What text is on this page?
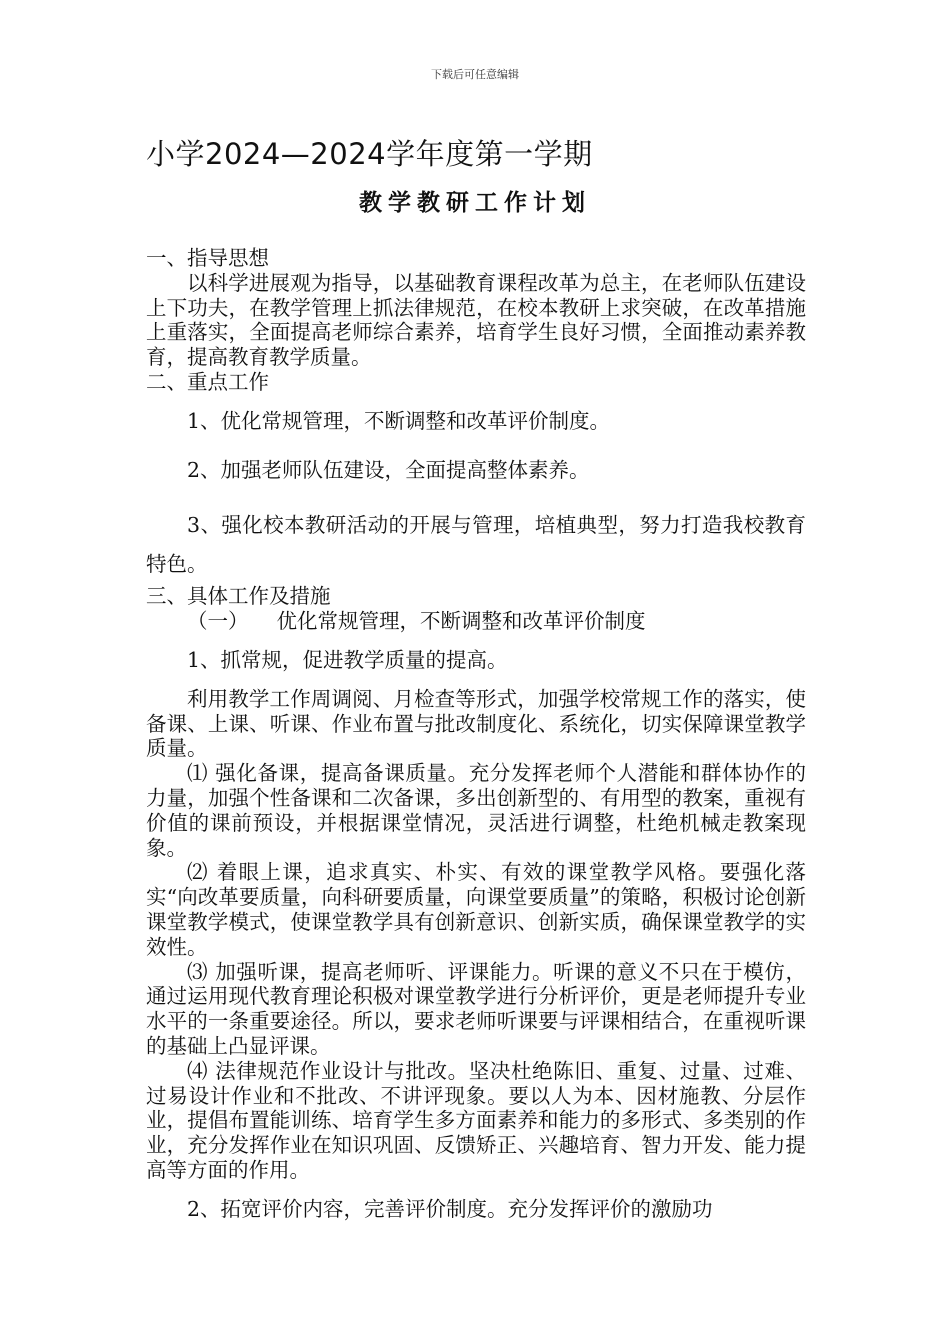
下载后可任意编辑
小学2024—2024学年度第一学期
教学教研工作计划

一、指导思想

以科学进展观为指导，以基础教育课程改革为总主，在老师队伍建设上下功夫，在教学管理上抓法律规范，在校本教研上求突破，在改革措施上重落实，全面提高老师综合素养，培育学生良好习惯，全面推动素养教育，提高教育教学质量。

二、重点工作

1、优化常规管理，不断调整和改革评价制度。

2、加强老师队伍建设，全面提高整体素养。

3、强化校本教研活动的开展与管理，培植典型，努力打造我校教育特色。

三、具体工作及措施

（一） 优化常规管理，不断调整和改革评价制度

1、抓常规，促进教学质量的提高。

利用教学工作周调阅、月检查等形式，加强学校常规工作的落实，使备课、上课、听课、作业布置与批改制度化、系统化，切实保障课堂教学质量。

⑴ 强化备课，提高备课质量。充分发挥老师个人潜能和群体协作的力量，加强个性备课和二次备课，多出创新型的、有用型的教案，重视有价值的课前预设，并根据课堂情况，灵活进行调整，杜绝机械走教案现象。

⑵ 着眼上课，追求真实、朴实、有效的课堂教学风格。要强化落实“向改革要质量，向科研要质量，向课堂要质量”的策略，积极讨论创新课堂教学模式，使课堂教学具有创新意识、创新实质，确保课堂教学的实效性。

⑶ 加强听课，提高老师听、评课能力。听课的意义不只在于模仿，通过运用现代教育理论积极对课堂教学进行分析评价，更是老师提升专业水平的一条重要途径。所以，要求老师听课要与评课相结合，在重视听课的基础上凸显评课。

⑷ 法律规范作业设计与批改。坚决杜绝陈旧、重复、过量、过难、过易设计作业和不批改、不讲评现象。要以人为本、因材施教、分层作业，提倡布置能训练、培育学生多方面素养和能力的多形式、多类别的作业，充分发挥作业在知识巩固、反馈矫正、兴趣培育、智力开发、能力提高等方面的作用。

2、拓宽评价内容，完善评价制度。充分发挥评价的激励功
